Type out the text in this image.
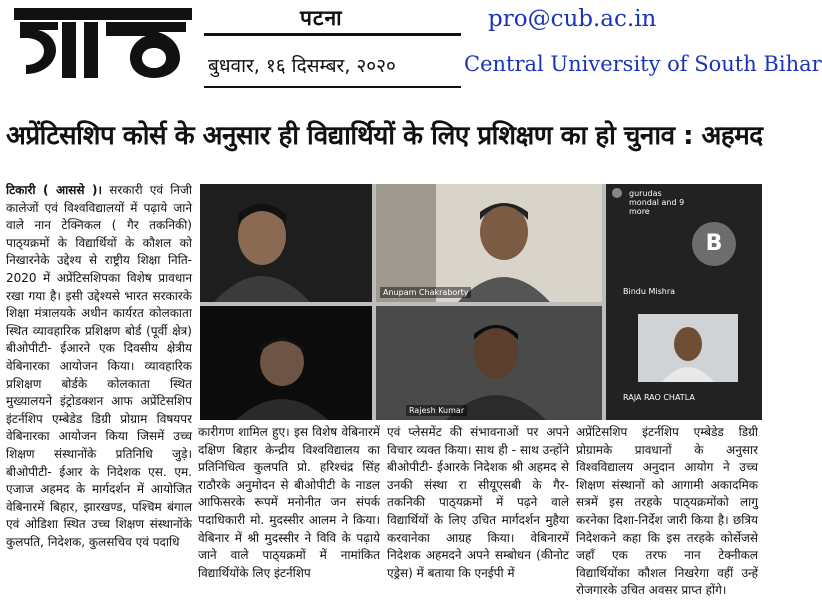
पटना
बुधवार, १६ दिसम्बर, २०२०
pro@cub.ac.in
Central University of South Bihar
अप्रेंटिसशिप कोर्स के अनुसार ही विद्यार्थियों के लिए प्रशिक्षण का हो चुनाव : अहमद
टिकारी ( आससे )। सरकारी एवं निजी कालेजों एवं विश्वविद्यालयों में पढ़ाये जाने वाले नान टेक्निकल ( गैर तकनिकी) पाठ्‌यक्रमों के विद्यार्थियों के कौशल को निखारनेके उद्देश्य से राष्ट्रीय शिक्षा निति- 2020 में अप्रेंटिसशिपका विशेष प्रावधान रखा गया है। इसी उद्देश्यसे भारत सरकारके शिक्षा मंत्रालयके अधीन कार्यरत कोलकाता स्थित व्यावहारिक प्रशिक्षण बोर्ड (पूर्वी क्षेत्र) बीओपीटी- ईआरने एक दिवसीय क्षेत्रीय वेबिनारका आयोजन किया। व्यावहारिक प्रशिक्षण बोर्डके कोलकाता स्थित मुख्यालयने इंट्रोडक्शन आफ अप्रेंटिसशिप इंटर्नशिप एम्बेडेड डिग्री प्रोग्राम विषयपर वेबिनारका आयोजन किया जिसमें उच्च शिक्षण संस्थानोंके प्रतिनिधि जुड़े। बीओपीटी- ईआर के निदेशक एस. एम. एजाज अहमद के मार्गदर्शन में आयोजित वेबिनारमें बिहार, झारखण्ड, पश्चिम बंगाल एवं ओडिशा स्थित उच्च शिक्षण संस्थानोंके कुलपति, निदेशक, कुलसचिव एवं पदाधि
Anupam Chakraborty
gurudas mondal and 9 more
B
Bindu Mishra
RAJA RAO CHATLA
Rajesh Kumar
कारीगण शामिल हुए। इस विशेष वेबिनारमें दक्षिण बिहार केन्द्रीय विश्वविद्यालय का प्रतिनिधित्व कुलपति प्रो. हरिश्चंद्र सिंह राठौरके अनुमोदन से बीओपीटी के नाडल आफिसरके रूपमें मनोनीत जन संपर्क पदाधिकारी मो. मुदस्सीर आलम ने किया। वेबिनार में श्री मुदस्सीर ने विवि के पढ़ाये जाने वाले पाठ्‌यक्रमों में नामांकित विद्यार्थियोंके लिए इंटर्नशिप
एवं प्लेसमेंट की संभावनाओं पर अपने विचार व्यक्त किया। साथ ही - साथ उन्होंने बीओपीटी- ईआरके निदेशक श्री अहमद से उनकी संस्था रा सीयूएसबी के गैर-तकनिकी पाठ्‌यक्रमों में पढ़ने वाले विद्यार्थियों के लिए उचित मार्गदर्शन मुहैया करवानेका आग्रह किया। वेबिनारमें निदेशक अहमदने अपने सम्बोधन (कीनोट एड्रेस) में बताया कि एनईपी में
अप्रेंटिसशिप इंटर्नशिप एम्बेडेड डिग्री प्रोग्रामके प्रावधानों के अनुसार विश्वविद्यालय अनुदान आयोग ने उच्च शिक्षण संस्थानों को आगामी अकादमिक सत्रमें इस तरहके पाठ्‌यक्रमोंको लागु करनेका दिशा-निर्देश जारी किया है। छत्रिय निदेशकने कहा कि इस तरहके कोर्सेजसे जहाँ एक तरफ नान टेक्नीकल विद्यार्थियोंका कौशल निखरेगा वहीं उन्हें रोजगारके उचित अवसर प्राप्त होंगे।
